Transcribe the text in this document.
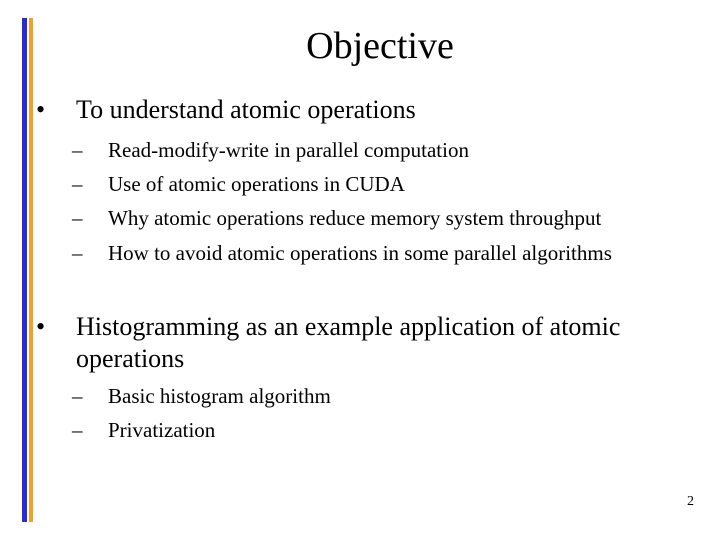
Objective
•	To understand atomic operations
– Read-modify-write in parallel computation
– Use of atomic operations in CUDA
– Why atomic operations reduce memory system throughput
– How to avoid atomic operations in some parallel algorithms
•	Histogramming as an example application of atomic
operations
– Basic histogram algorithm
– Privatization
2
